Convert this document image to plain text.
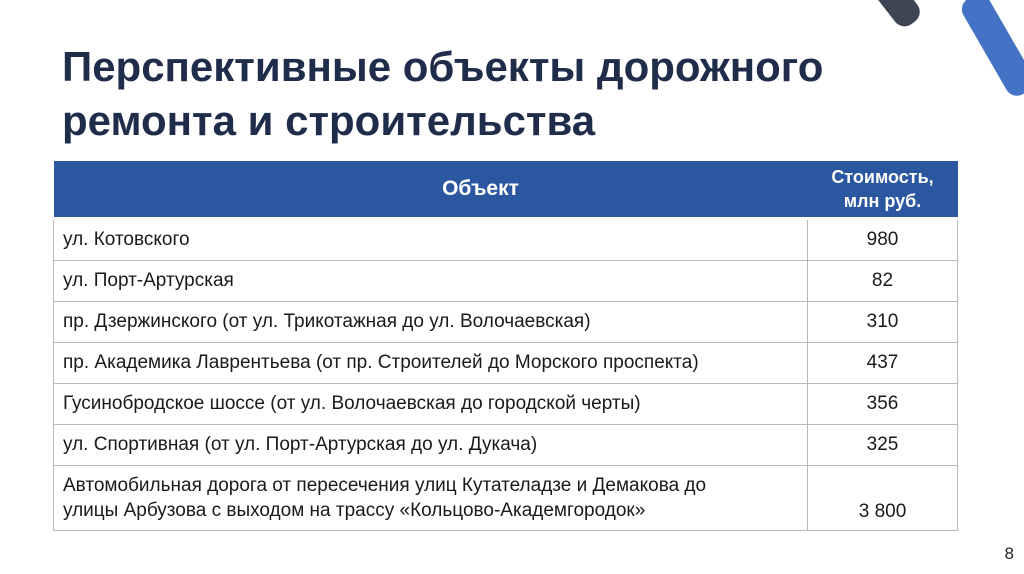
Перспективные объекты дорожного
ремонта и строительства
Объект	Стоимость,
млн руб.
ул. Котовского	980
ул. Порт-Артурская	82
пр. Дзержинского (от ул. Трикотажная до ул. Волочаевская)	310
пр. Академика Лаврентьева (от пр. Строителей до Морского проспекта)	437
Гусинобродское шоссе (от ул. Волочаевская до городской черты)	356
ул. Спортивная (от ул. Порт-Артурская до ул. Дукача)	325
Автомобильная дорога от пересечения улиц Кутателадзе и Демакова до
улицы Арбузова с выходом на трассу «Кольцово-Академгородок»	3 800
8
